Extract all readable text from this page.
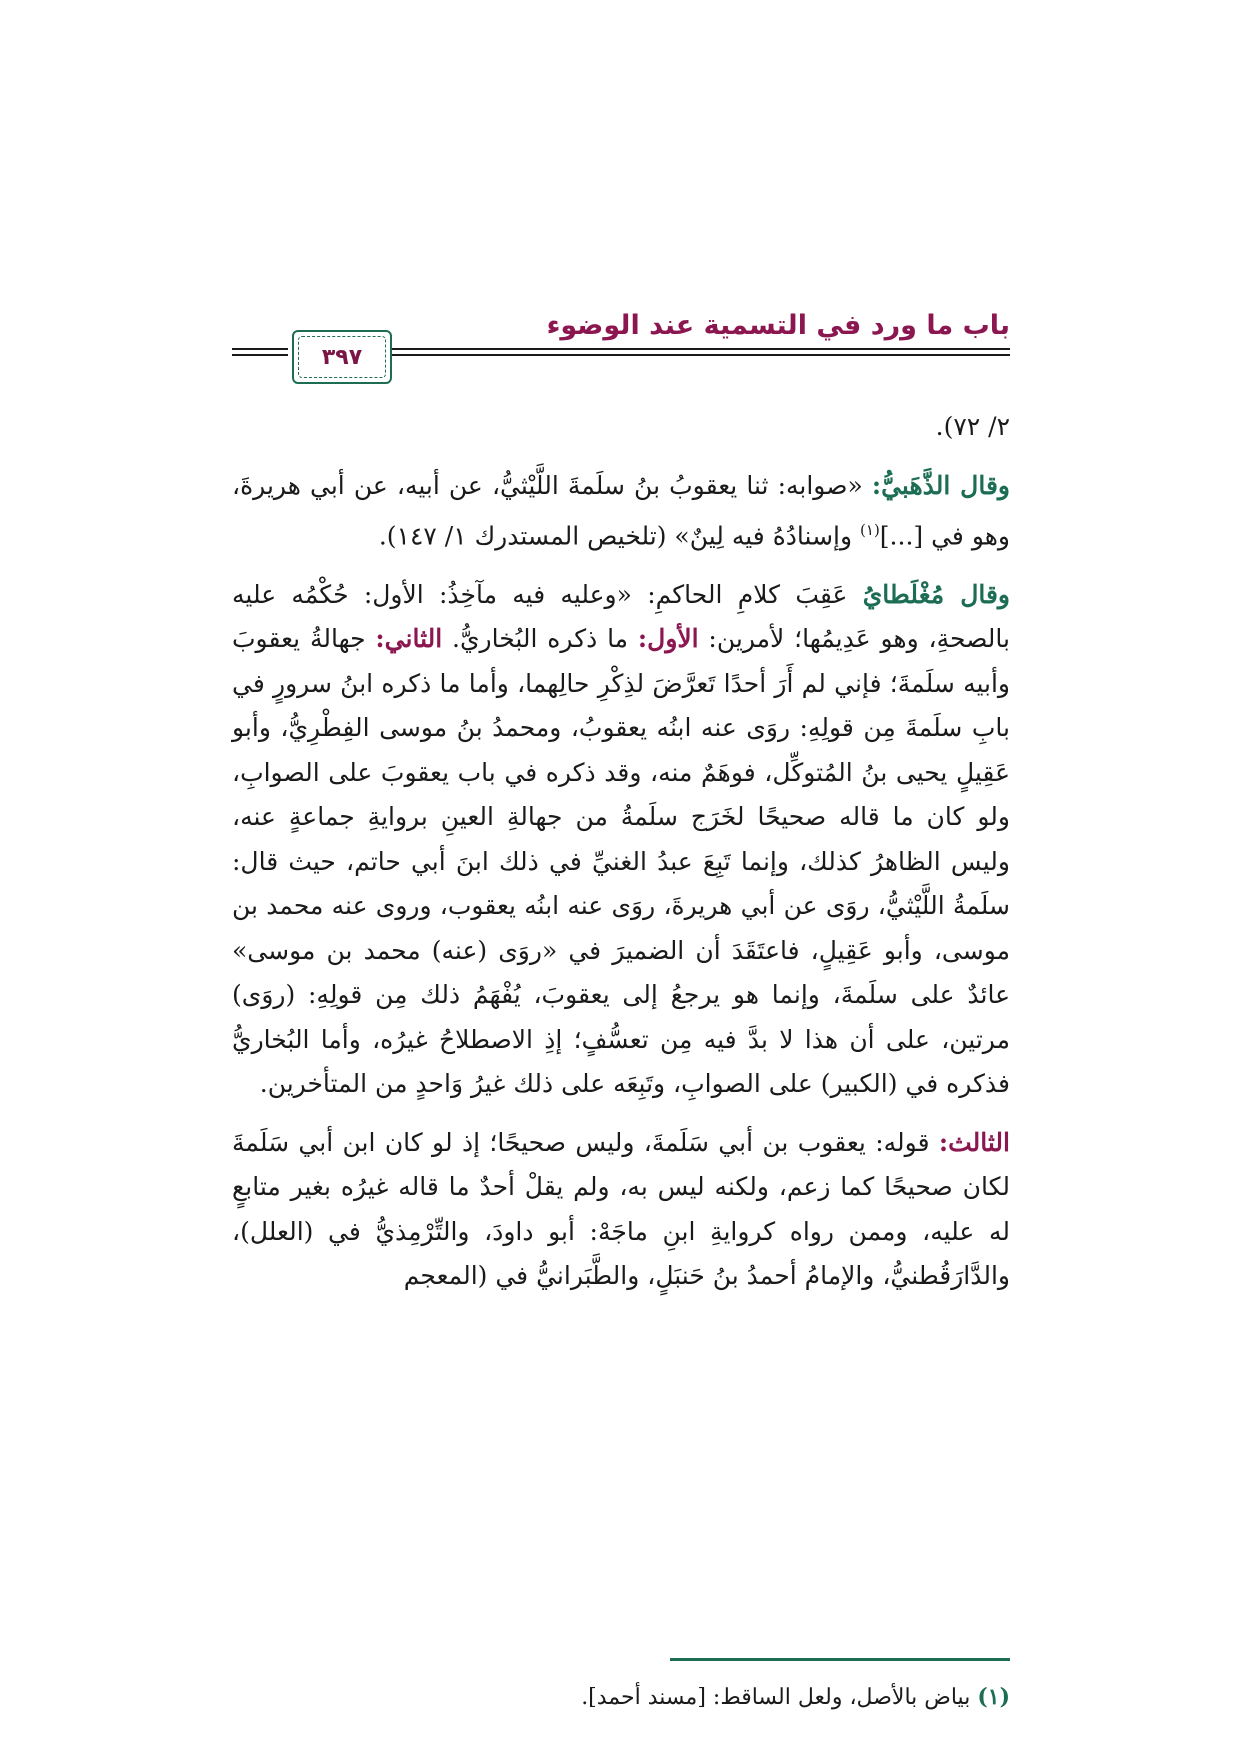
باب ما ورد في التسمية عند الوضوء
٣٩٧

٢/ ٧٢).

وقال الذَّهَبيُّ: «صوابه: ثنا يعقوبُ بنُ سلَمةَ اللَّيْثيُّ، عن أبيه، عن أبي هريرةَ، وهو في [...]$^{(١)}$ وإسنادُهُ فيه لِينٌ» (تلخيص المستدرك ١/ ١٤٧).

وقال مُغْلَطايُ عَقِبَ كلامِ الحاكمِ: «وعليه فيه مآخِذُ: الأول: حُكْمُه عليه بالصحةِ، وهو عَدِيمُها؛ لأمرين: الأول: ما ذكره البُخاريُّ. الثاني: جهالةُ يعقوبَ وأبيه سلَمةَ؛ فإني لم أَرَ أحدًا تَعرَّضَ لذِكْرِ حالِهما، وأما ما ذكره ابنُ سرورٍ في بابِ سلَمةَ مِن قولِهِ: روَى عنه ابنُه يعقوبُ، ومحمدُ بنُ موسى الفِطْرِيُّ، وأبو عَقِيلٍ يحيى بنُ المُتوكِّل، فوهَمٌ منه، وقد ذكره في باب يعقوبَ على الصوابِ، ولو كان ما قاله صحيحًا لخَرَج سلَمةُ من جهالةِ العينِ بروايةِ جماعةٍ عنه، وليس الظاهرُ كذلك، وإنما تَبِعَ عبدُ الغنيِّ في ذلك ابنَ أبي حاتم، حيث قال: سلَمةُ اللَّيْثيُّ، روَى عن أبي هريرةَ، روَى عنه ابنُه يعقوب، وروى عنه محمد بن موسى، وأبو عَقِيلٍ، فاعتَقَدَ أن الضميرَ في «روَى (عنه) محمد بن موسى» عائدٌ على سلَمةَ، وإنما هو يرجعُ إلى يعقوبَ، يُفْهَمُ ذلك مِن قولِهِ: (روَى) مرتين، على أن هذا لا بدَّ فيه مِن تعسُّفٍ؛ إذِ الاصطلاحُ غيرُه، وأما البُخاريُّ فذكره في (الكبير) على الصوابِ، وتَبِعَه على ذلك غيرُ وَاحدٍ من المتأخرين.

الثالث: قوله: يعقوب بن أبي سَلَمةَ، وليس صحيحًا؛ إذ لو كان ابن أبي سَلَمةَ لكان صحيحًا كما زعم، ولكنه ليس به، ولم يقلْ أحدٌ ما قاله غيرُه بغير متابعٍ له عليه، وممن رواه كروايةِ ابنِ ماجَهْ: أبو داودَ، والتِّرْمِذيُّ في (العلل)، والدَّارَقُطنيُّ، والإمامُ أحمدُ بنُ حَنبَلٍ، والطَّبَرانيُّ في (المعجم

(١) بياض بالأصل، ولعل الساقط: [مسند أحمد].
